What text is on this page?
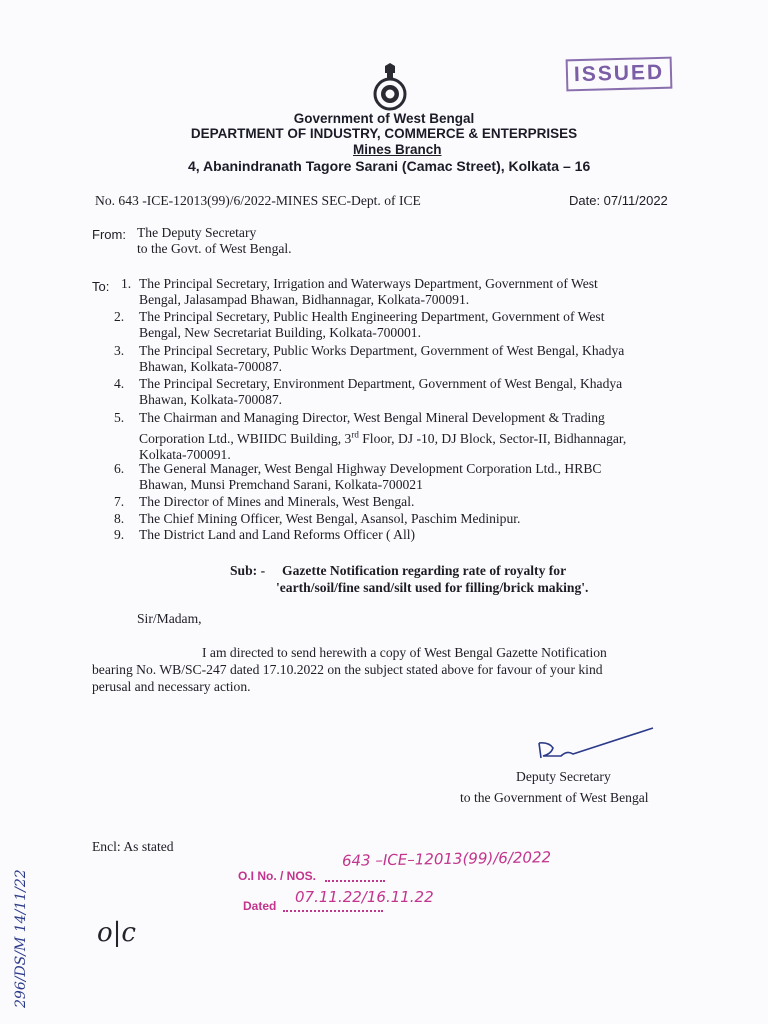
ISSUED
Government of West Bengal
DEPARTMENT OF INDUSTRY, COMMERCE & ENTERPRISES
Mines Branch
4, Abanindranath Tagore Sarani (Camac Street), Kolkata – 16
No. 643 -ICE-12013(99)/6/2022-MINES SEC-Dept. of ICE	Date: 07/11/2022
From: The Deputy Secretary
to the Govt. of West Bengal.
To: 1. The Principal Secretary, Irrigation and Waterways Department, Government of West
Bengal, Jalasampad Bhawan, Bidhannagar, Kolkata-700091.
2. The Principal Secretary, Public Health Engineering Department, Government of West
Bengal, New Secretariat Building, Kolkata-700001.
3. The Principal Secretary, Public Works Department, Government of West Bengal, Khadya
Bhawan, Kolkata-700087.
4. The Principal Secretary, Environment Department, Government of West Bengal, Khadya
Bhawan, Kolkata-700087.
5. The Chairman and Managing Director, West Bengal Mineral Development & Trading
Corporation Ltd., WBIIDC Building, 3rd Floor, DJ -10, DJ Block, Sector-II, Bidhannagar,
Kolkata-700091.
6. The General Manager, West Bengal Highway Development Corporation Ltd., HRBC
Bhawan, Munsi Premchand Sarani, Kolkata-700021
7. The Director of Mines and Minerals, West Bengal.
8. The Chief Mining Officer, West Bengal, Asansol, Paschim Medinipur.
9. The District Land and Land Reforms Officer ( All)
Sub: - Gazette Notification regarding rate of royalty for
'earth/soil/fine sand/silt used for filling/brick making'.
Sir/Madam,
I am directed to send herewith a copy of West Bengal Gazette Notification
bearing No. WB/SC-247 dated 17.10.2022 on the subject stated above for favour of your kind
perusal and necessary action.
Deputy Secretary
to the Government of West Bengal
Encl: As stated
O.I No. / NOS.
643 –ICE–12013(99)/6/2022
Dated 07.11.22/16.11.22
o|c
296/DS/M 14/11/22
